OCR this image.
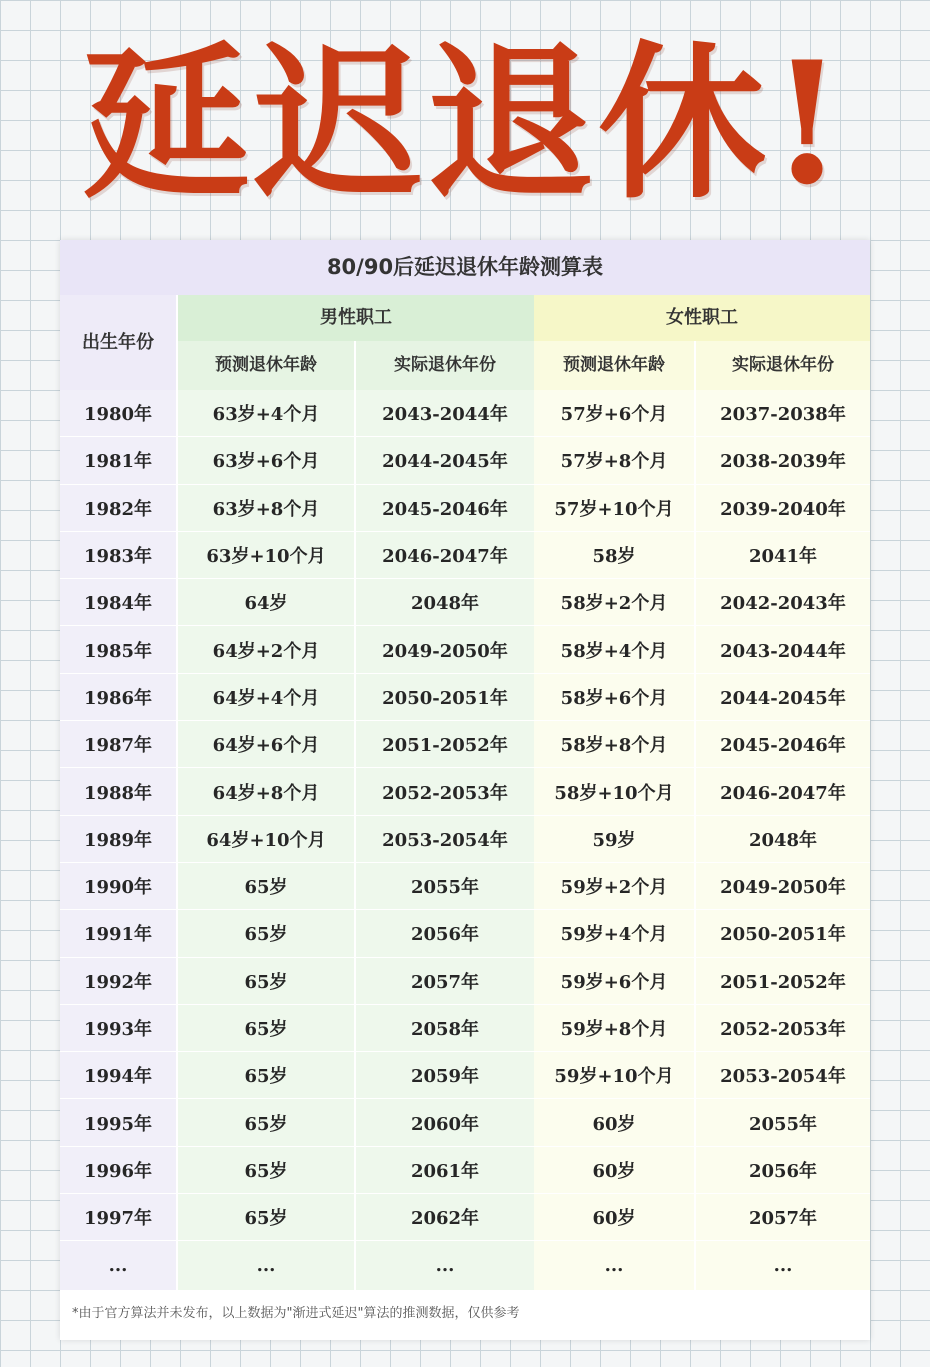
延迟退休!
80/90后延迟退休年龄测算表
出生年份
男性职工	女性职工
预测退休年龄	实际退休年份	预测退休年龄	实际退休年份
1980年	63岁+4个月	2043-2044年	57岁+6个月	2037-2038年
1981年	63岁+6个月	2044-2045年	57岁+8个月	2038-2039年
1982年	63岁+8个月	2045-2046年	57岁+10个月	2039-2040年
1983年	63岁+10个月	2046-2047年	58岁	2041年
1984年	64岁	2048年	58岁+2个月	2042-2043年
1985年	64岁+2个月	2049-2050年	58岁+4个月	2043-2044年
1986年	64岁+4个月	2050-2051年	58岁+6个月	2044-2045年
1987年	64岁+6个月	2051-2052年	58岁+8个月	2045-2046年
1988年	64岁+8个月	2052-2053年	58岁+10个月	2046-2047年
1989年	64岁+10个月	2053-2054年	59岁	2048年
1990年	65岁	2055年	59岁+2个月	2049-2050年
1991年	65岁	2056年	59岁+4个月	2050-2051年
1992年	65岁	2057年	59岁+6个月	2051-2052年
1993年	65岁	2058年	59岁+8个月	2052-2053年
1994年	65岁	2059年	59岁+10个月	2053-2054年
1995年	65岁	2060年	60岁	2055年
1996年	65岁	2061年	60岁	2056年
1997年	65岁	2062年	60岁	2057年
...	...	...	...	...
*由于官方算法并未发布，以上数据为"渐进式延迟"算法的推测数据，仅供参考
